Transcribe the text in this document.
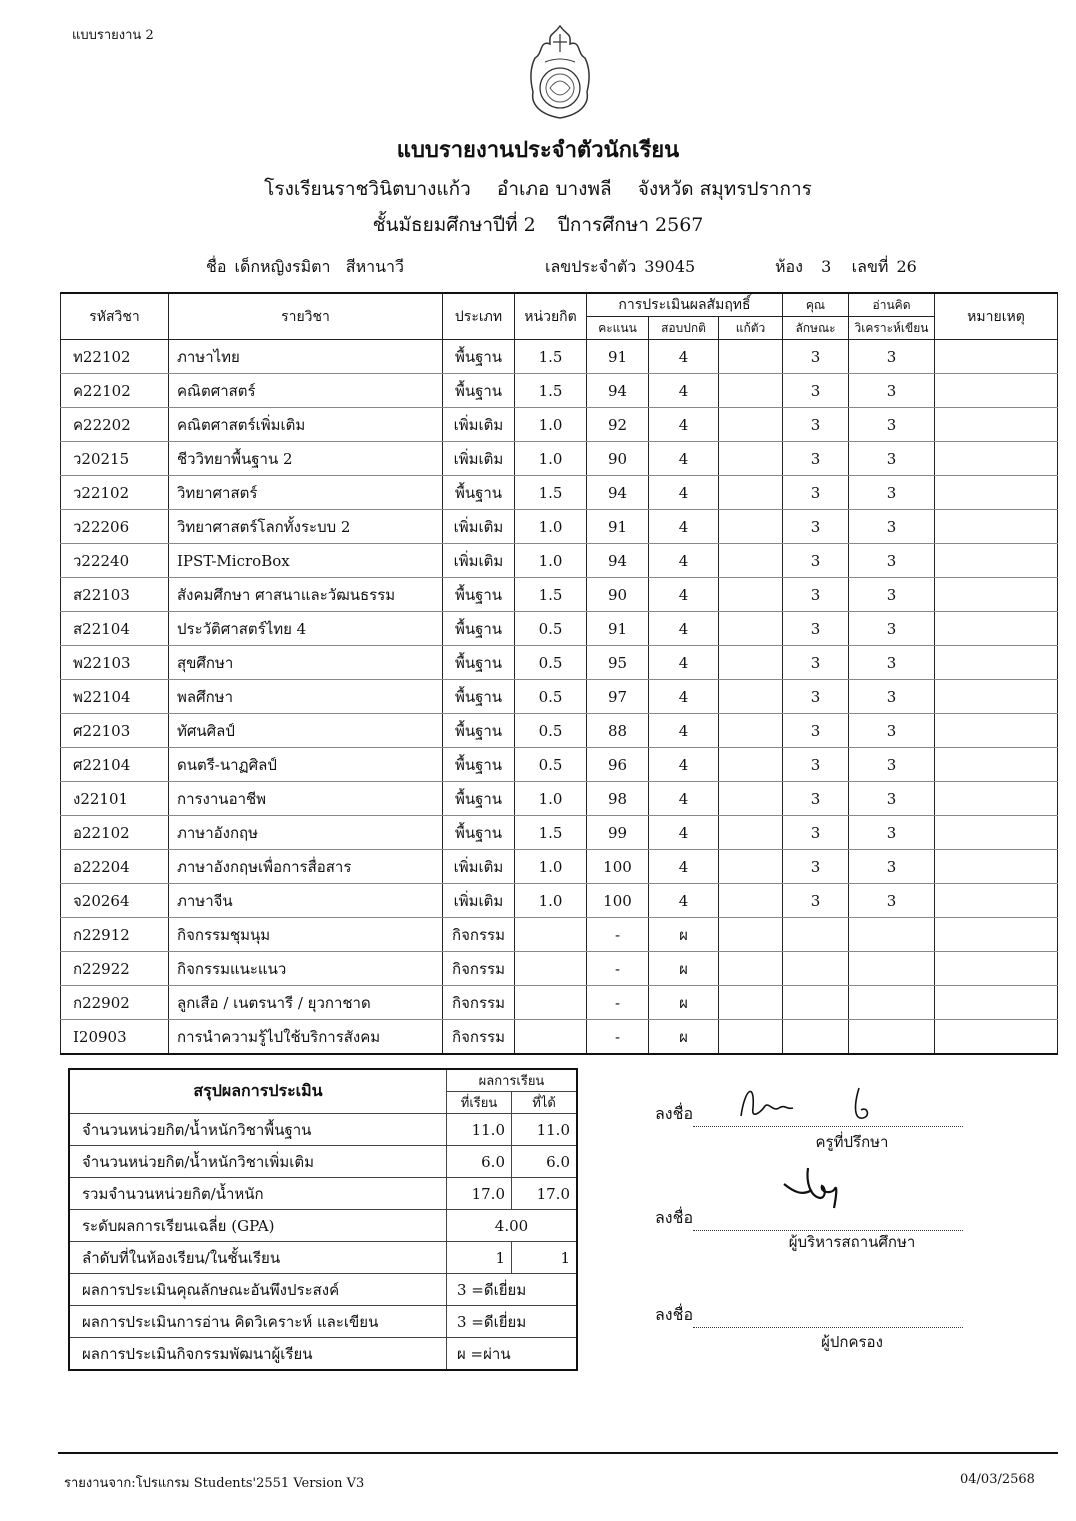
แบบรายงาน 2
แบบรายงานประจำตัวนักเรียน
โรงเรียนราชวินิตบางแก้ว อำเภอ บางพลี จังหวัด สมุทรปราการ
ชั้นมัธยมศึกษาปีที่ 2 ปีการศึกษา 2567
ชื่อ เด็กหญิงรมิตา สีหานาวี	เลขประจำตัว 39045	ห้อง 3 เลขที่ 26
รหัสวิชา	รายวิชา	ประเภท	หน่วยกิต	การประเมินผลสัมฤทธิ์			คุณ	อ่านคิด	หมายเหตุ
				คะแนน	สอบปกติ	แก้ตัว	ลักษณะ	วิเคราะห์เขียน	
ท22102	ภาษาไทย	พื้นฐาน	1.5	91	4		3	3	
ค22102	คณิตศาสตร์	พื้นฐาน	1.5	94	4		3	3	
ค22202	คณิตศาสตร์เพิ่มเติม	เพิ่มเติม	1.0	92	4		3	3	
ว20215	ชีววิทยาพื้นฐาน 2	เพิ่มเติม	1.0	90	4		3	3	
ว22102	วิทยาศาสตร์	พื้นฐาน	1.5	94	4		3	3	
ว22206	วิทยาศาสตร์โลกทั้งระบบ 2	เพิ่มเติม	1.0	91	4		3	3	
ว22240	IPST-MicroBox	เพิ่มเติม	1.0	94	4		3	3	
ส22103	สังคมศึกษา ศาสนาและวัฒนธรรม	พื้นฐาน	1.5	90	4		3	3	
ส22104	ประวัติศาสตร์ไทย 4	พื้นฐาน	0.5	91	4		3	3	
พ22103	สุขศึกษา	พื้นฐาน	0.5	95	4		3	3	
พ22104	พลศึกษา	พื้นฐาน	0.5	97	4		3	3	
ศ22103	ทัศนศิลป์	พื้นฐาน	0.5	88	4		3	3	
ศ22104	ดนตรี-นาฏศิลป์	พื้นฐาน	0.5	96	4		3	3	
ง22101	การงานอาชีพ	พื้นฐาน	1.0	98	4		3	3	
อ22102	ภาษาอังกฤษ	พื้นฐาน	1.5	99	4		3	3	
อ22204	ภาษาอังกฤษเพื่อการสื่อสาร	เพิ่มเติม	1.0	100	4		3	3	
จ20264	ภาษาจีน	เพิ่มเติม	1.0	100	4		3	3	
ก22912	กิจกรรมชุมนุม	กิจกรรม		-	ผ				
ก22922	กิจกรรมแนะแนว	กิจกรรม		-	ผ				
ก22902	ลูกเสือ / เนตรนารี / ยุวกาชาด	กิจกรรม		-	ผ				
I20903	การนำความรู้ไปใช้บริการสังคม	กิจกรรม		-	ผ				
สรุปผลการประเมิน	ผลการเรียน	
	ที่เรียน	ที่ได้
จำนวนหน่วยกิต/น้ำหนักวิชาพื้นฐาน	11.0	11.0
จำนวนหน่วยกิต/น้ำหนักวิชาเพิ่มเติม	6.0	6.0
รวมจำนวนหน่วยกิต/น้ำหนัก	17.0	17.0
ระดับผลการเรียนเฉลี่ย (GPA)	4.00	
ลำดับที่ในห้องเรียน/ในชั้นเรียน	1	1
ผลการประเมินคุณลักษณะอันพึงประสงค์	3 =ดีเยี่ยม	
ผลการประเมินการอ่าน คิดวิเคราะห์ และเขียน	3 =ดีเยี่ยม	
ผลการประเมินกิจกรรมพัฒนาผู้เรียน	ผ =ผ่าน	
ลงชื่อ
ครูที่ปรึกษา
ลงชื่อ
ผู้บริหารสถานศึกษา
ลงชื่อ
ผู้ปกครอง
รายงานจาก:โปรแกรม Students'2551 Version V3	04/03/2568
